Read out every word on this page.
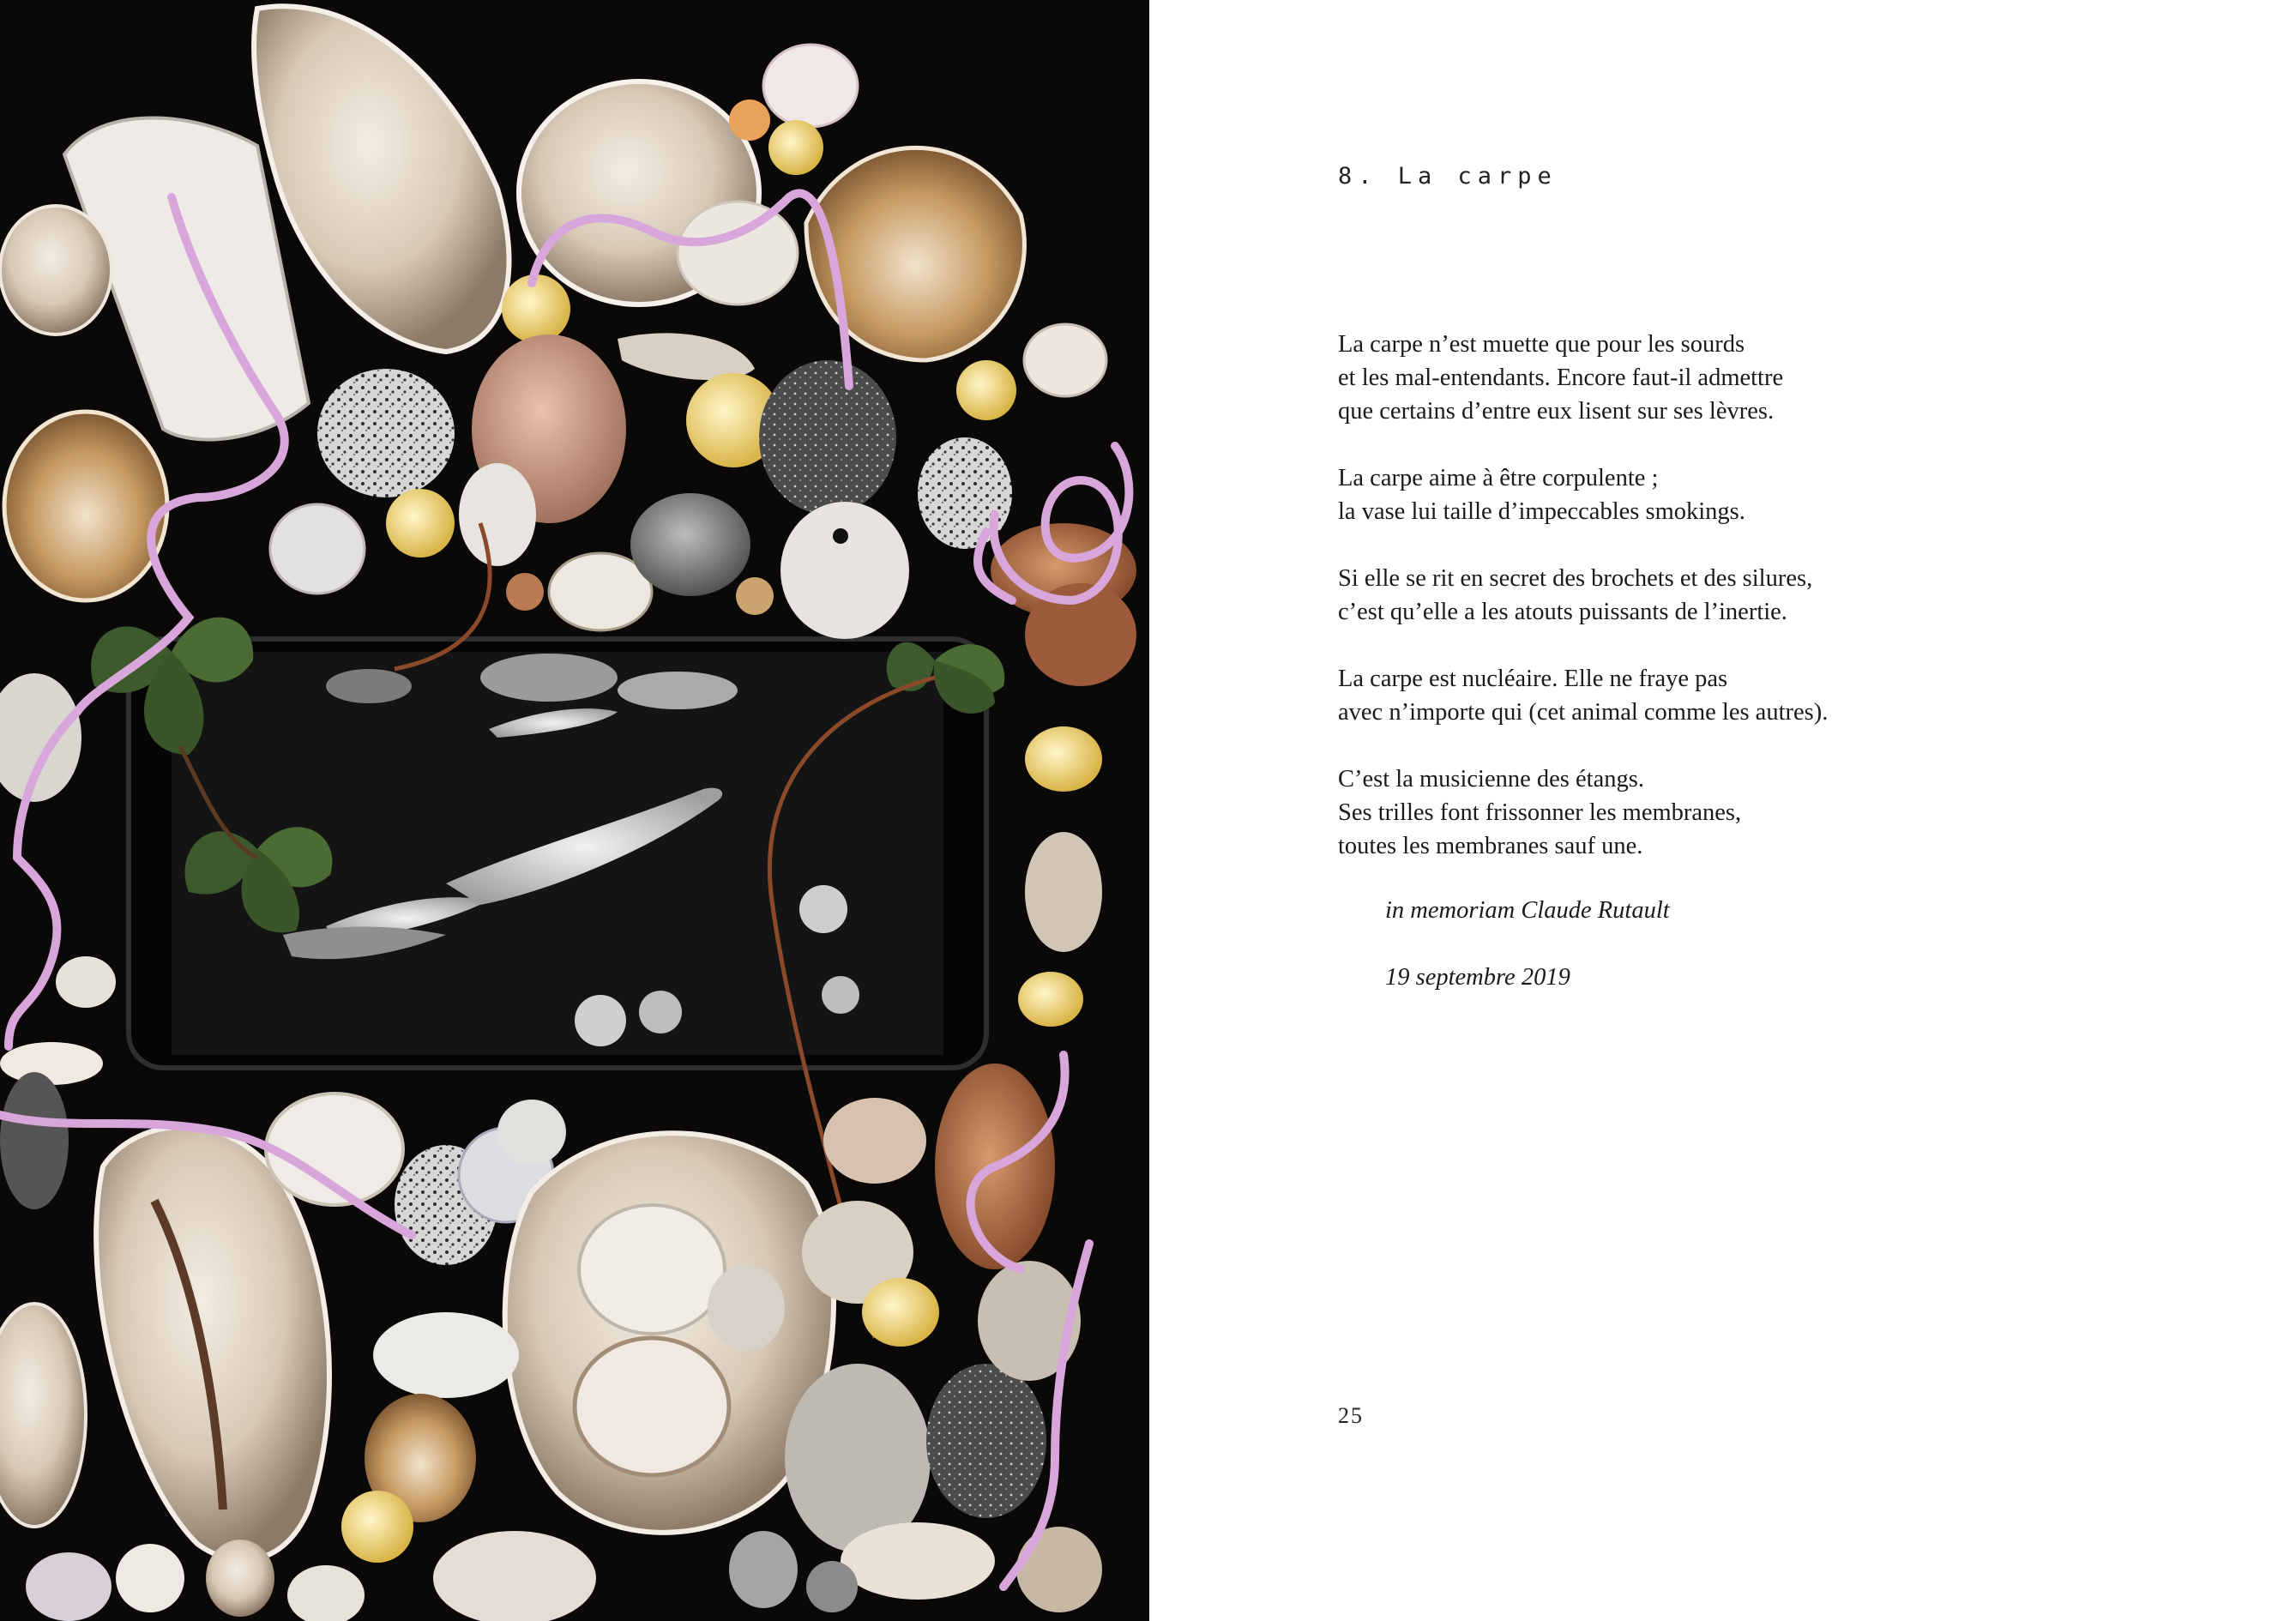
8. La carpe
La carpe n’est muette que pour les sourds
et les mal-entendants. Encore faut-il admettre
que certains d’entre eux lisent sur ses lèvres.
La carpe aime à être corpulente ;
la vase lui taille d’impeccables smokings.
Si elle se rit en secret des brochets et des silures,
c’est qu’elle a les atouts puissants de l’inertie.
La carpe est nucléaire. Elle ne fraye pas
avec n’importe qui (cet animal comme les autres).
C’est la musicienne des étangs.
Ses trilles font frissonner les membranes,
toutes les membranes sauf une.
in memoriam Claude Rutault
19 septembre 2019
25
